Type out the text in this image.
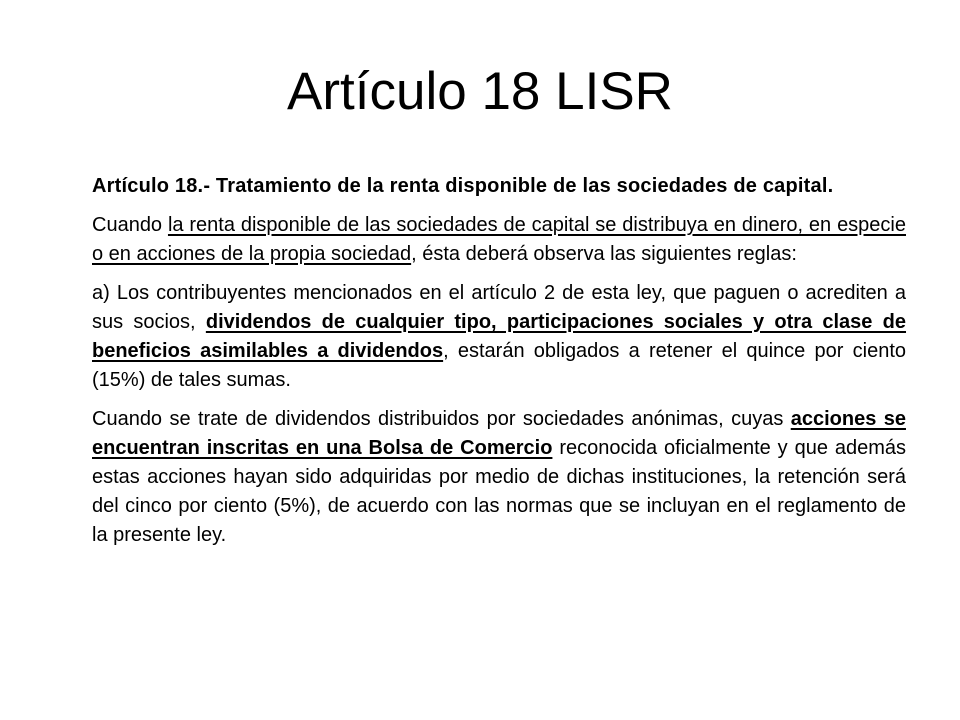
Artículo 18 LISR

Artículo 18.- Tratamiento de la renta disponible de las sociedades de capital.

Cuando la renta disponible de las sociedades de capital se distribuya en dinero, en especie o en acciones de la propia sociedad, ésta deberá observa las siguientes reglas:

a) Los contribuyentes mencionados en el artículo 2 de esta ley, que paguen o acrediten a sus socios, dividendos de cualquier tipo, participaciones sociales y otra clase de beneficios asimilables a dividendos, estarán obligados a retener el quince por ciento (15%) de tales sumas.

Cuando se trate de dividendos distribuidos por sociedades anónimas, cuyas acciones se encuentran inscritas en una Bolsa de Comercio reconocida oficialmente y que además estas acciones hayan sido adquiridas por medio de dichas instituciones, la retención será del cinco por ciento (5%), de acuerdo con las normas que se incluyan en el reglamento de la presente ley.
